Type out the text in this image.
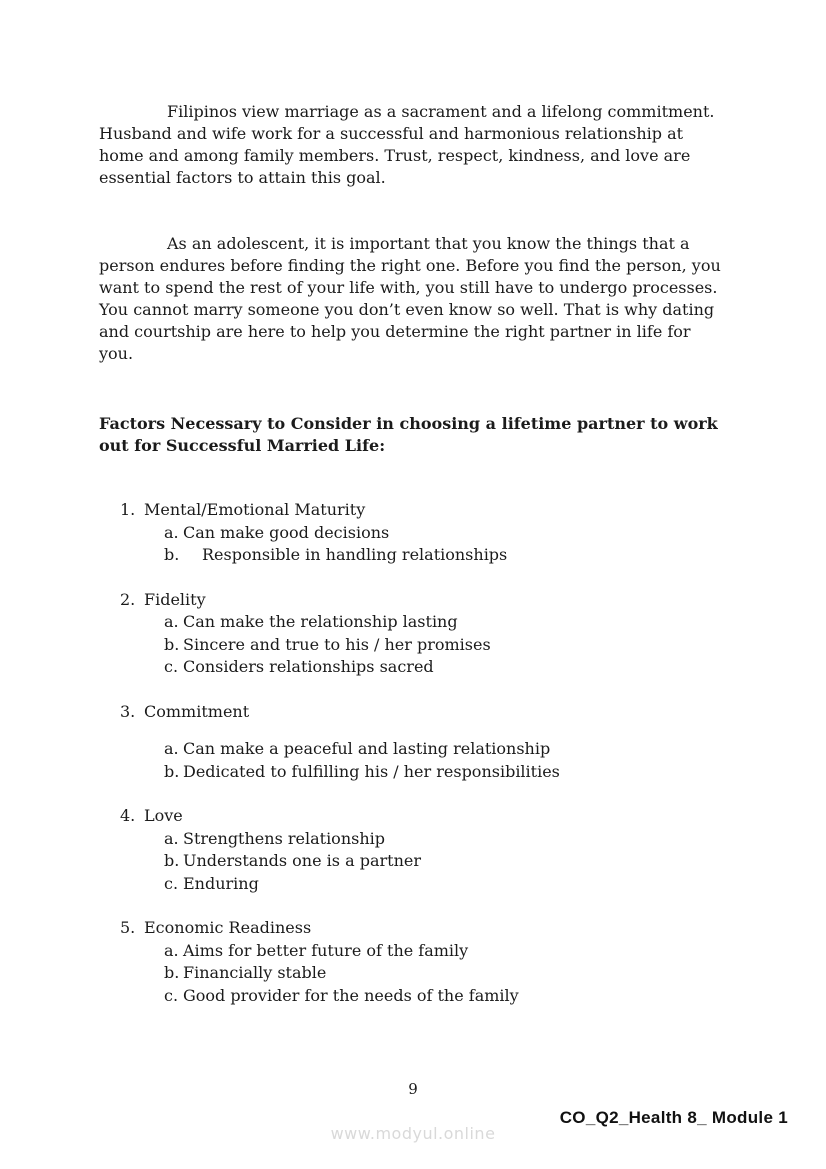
Filipinos view marriage as a sacrament and a lifelong commitment.
Husband and wife work for a successful and harmonious relationship at
home and among family members. Trust, respect, kindness, and love are
essential factors to attain this goal.
As an adolescent, it is important that you know the things that a
person endures before finding the right one. Before you find the person, you
want to spend the rest of your life with, you still have to undergo processes.
You cannot marry someone you don’t even know so well. That is why dating
and courtship are here to help you determine the right partner in life for
you.
Factors Necessary to Consider in choosing a lifetime partner to work
out for Successful Married Life:
1. Mental/Emotional Maturity
a. Can make good decisions
b.	Responsible in handling relationships
2. Fidelity
a. Can make the relationship lasting
b. Sincere and true to his / her promises
c. Considers relationships sacred
3. Commitment
a. Can make a peaceful and lasting relationship
b. Dedicated to fulfilling his / her responsibilities
4. Love
a. Strengthens relationship
b. Understands one is a partner
c. Enduring
5. Economic Readiness
a. Aims for better future of the family
b. Financially stable
c. Good provider for the needs of the family
9
CO_Q2_Health 8_ Module 1
www.modyul.online
